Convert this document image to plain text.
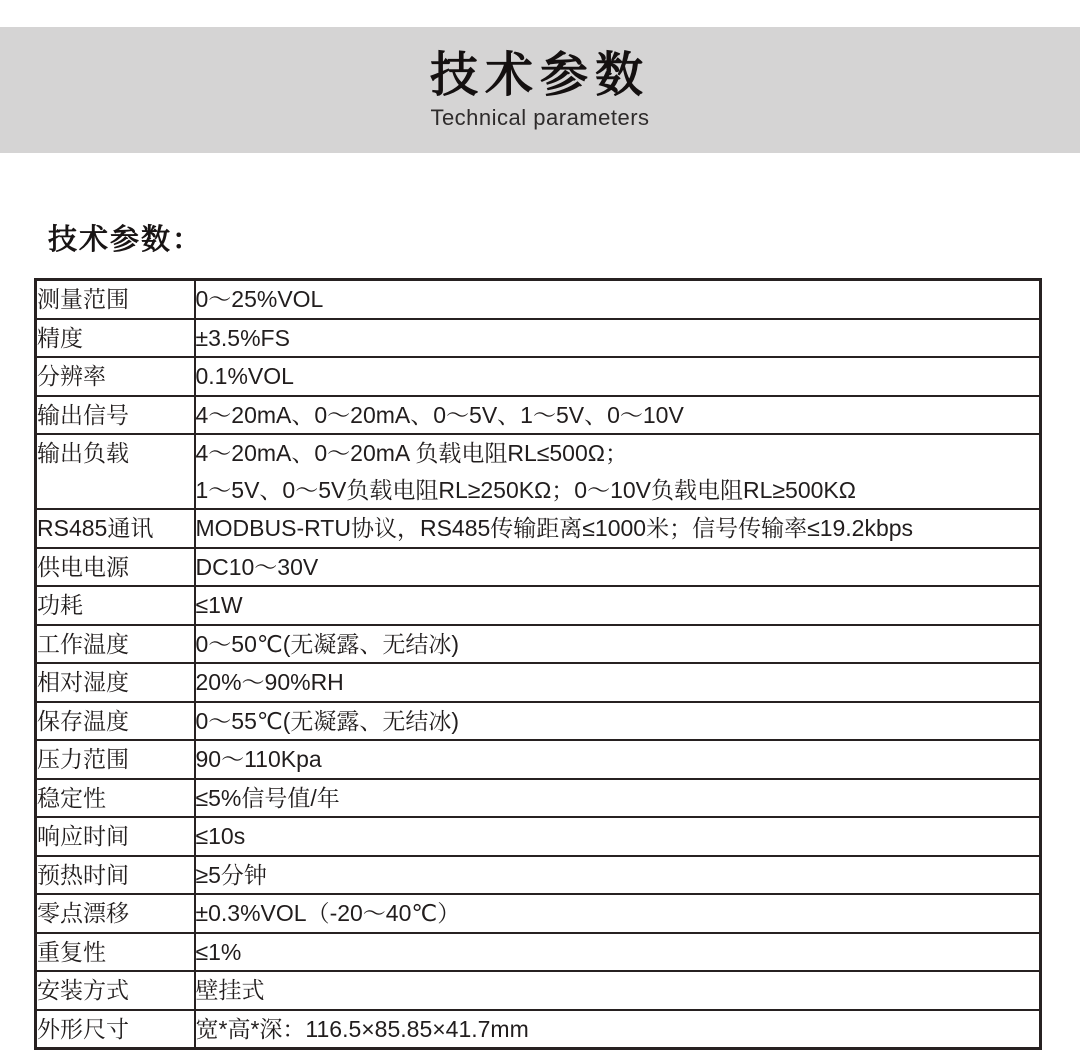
技术参数
Technical parameters
技术参数：
测量范围	0～25%VOL

精度	±3.5%FS

分辨率	0.1%VOL

输出信号	4～20mA、0～20mA、0～5V、1～5V、0～10V

输出负载	4～20mA、0～20mA 负载电阻RL≤500Ω；
1～5V、0～5V负载电阻RL≥250KΩ；0～10V负载电阻RL≥500KΩ

RS485通讯	MODBUS-RTU协议，RS485传输距离≤1000米；信号传输率≤19.2kbps

供电电源	DC10～30V

功耗	≤1W

工作温度	0～50℃(无凝露、无结冰)

相对湿度	20%～90%RH

保存温度	0～55℃(无凝露、无结冰)

压力范围	90～110Kpa

稳定性	≤5%信号值/年

响应时间	≤10s

预热时间	≥5分钟

零点漂移	±0.3%VOL（-20～40℃）

重复性	≤1%

安装方式	壁挂式

外形尺寸	宽*高*深：116.5×85.85×41.7mm
